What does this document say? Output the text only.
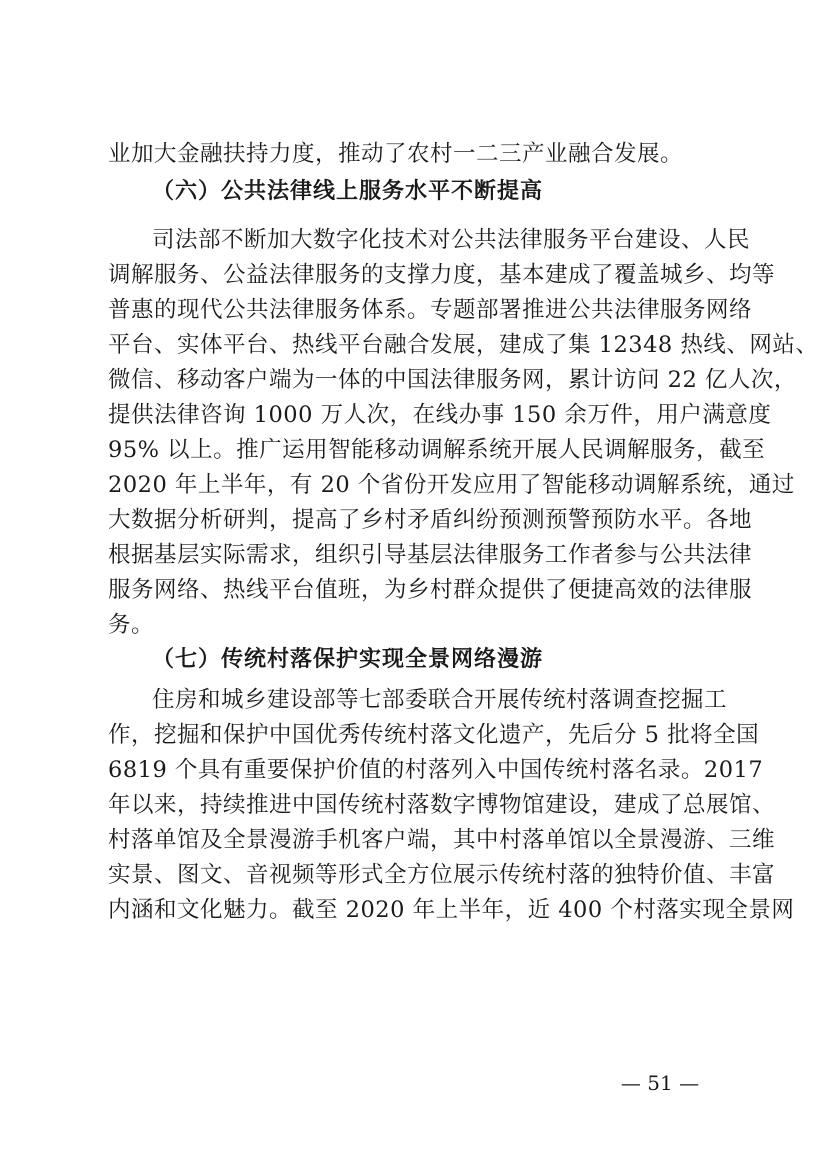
业加大金融扶持力度，推动了农村一二三产业融合发展。
（六）公共法律线上服务水平不断提高
司法部不断加大数字化技术对公共法律服务平台建设、人民
调解服务、公益法律服务的支撑力度，基本建成了覆盖城乡、均等
普惠的现代公共法律服务体系。专题部署推进公共法律服务网络
平台、实体平台、热线平台融合发展，建成了集 12348 热线、网站、
微信、移动客户端为一体的中国法律服务网，累计访问 22 亿人次，
提供法律咨询 1000 万人次，在线办事 150 余万件，用户满意度
95% 以上。推广运用智能移动调解系统开展人民调解服务，截至
2020 年上半年，有 20 个省份开发应用了智能移动调解系统，通过
大数据分析研判，提高了乡村矛盾纠纷预测预警预防水平。各地
根据基层实际需求，组织引导基层法律服务工作者参与公共法律
服务网络、热线平台值班，为乡村群众提供了便捷高效的法律服
务。
（七）传统村落保护实现全景网络漫游
住房和城乡建设部等七部委联合开展传统村落调查挖掘工
作，挖掘和保护中国优秀传统村落文化遗产，先后分 5 批将全国
6819 个具有重要保护价值的村落列入中国传统村落名录。2017
年以来，持续推进中国传统村落数字博物馆建设，建成了总展馆、
村落单馆及全景漫游手机客户端，其中村落单馆以全景漫游、三维
实景、图文、音视频等形式全方位展示传统村落的独特价值、丰富
内涵和文化魅力。截至 2020 年上半年，近 400 个村落实现全景网
— 51 —
